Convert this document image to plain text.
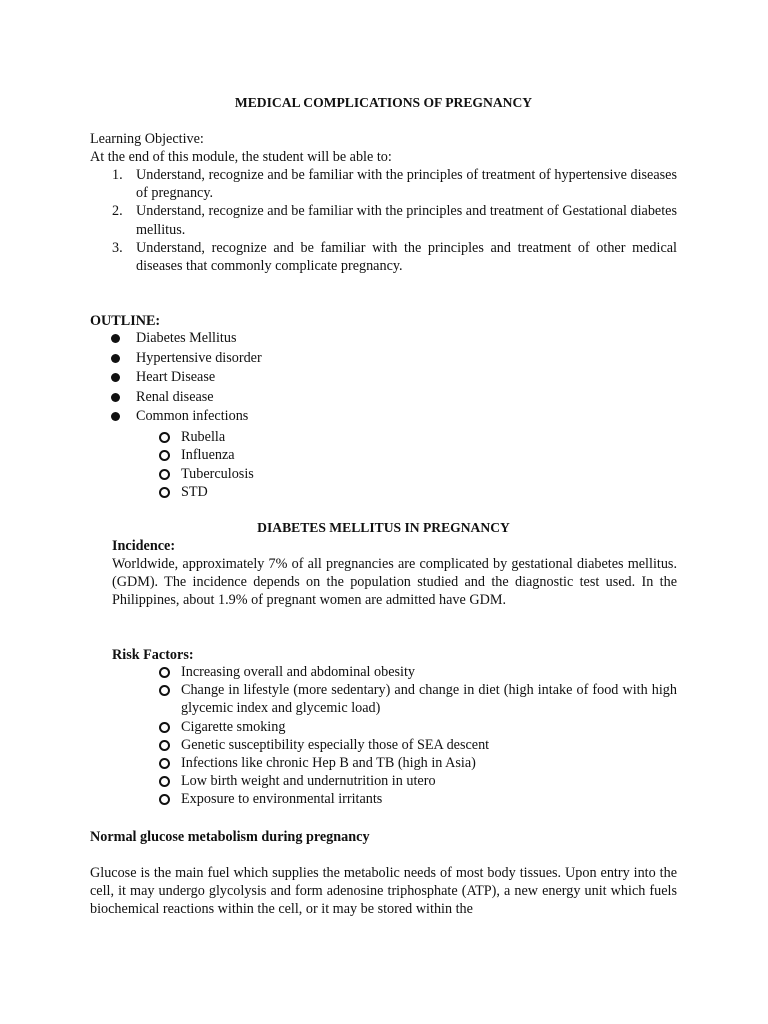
MEDICAL COMPLICATIONS OF PREGNANCY
Learning Objective:
At the end of this module, the student will be able to:
1. Understand, recognize and be familiar with the principles of treatment of hypertensive diseases of pregnancy.
2. Understand, recognize and be familiar with the principles and treatment of Gestational diabetes mellitus.
3. Understand, recognize and be familiar with the principles and treatment of other medical diseases that commonly complicate pregnancy.
OUTLINE:
Diabetes Mellitus
Hypertensive disorder
Heart Disease
Renal disease
Common infections
Rubella
Influenza
Tuberculosis
STD
DIABETES MELLITUS IN PREGNANCY
Incidence:
Worldwide, approximately 7% of all pregnancies are complicated by gestational diabetes mellitus. (GDM). The incidence depends on the population studied and the diagnostic test used. In the Philippines, about 1.9% of pregnant women are admitted have GDM.
Risk Factors:
Increasing overall and abdominal obesity
Change in lifestyle (more sedentary) and change in diet (high intake of food with high glycemic index and glycemic load)
Cigarette smoking
Genetic susceptibility especially those of SEA descent
Infections like chronic Hep B and TB (high in Asia)
Low birth weight and undernutrition in utero
Exposure to environmental irritants
Normal glucose metabolism during pregnancy
Glucose is the main fuel which supplies the metabolic needs of most body tissues. Upon entry into the cell, it may undergo glycolysis and form adenosine triphosphate (ATP), a new energy unit which fuels biochemical reactions within the cell, or it may be stored within the
